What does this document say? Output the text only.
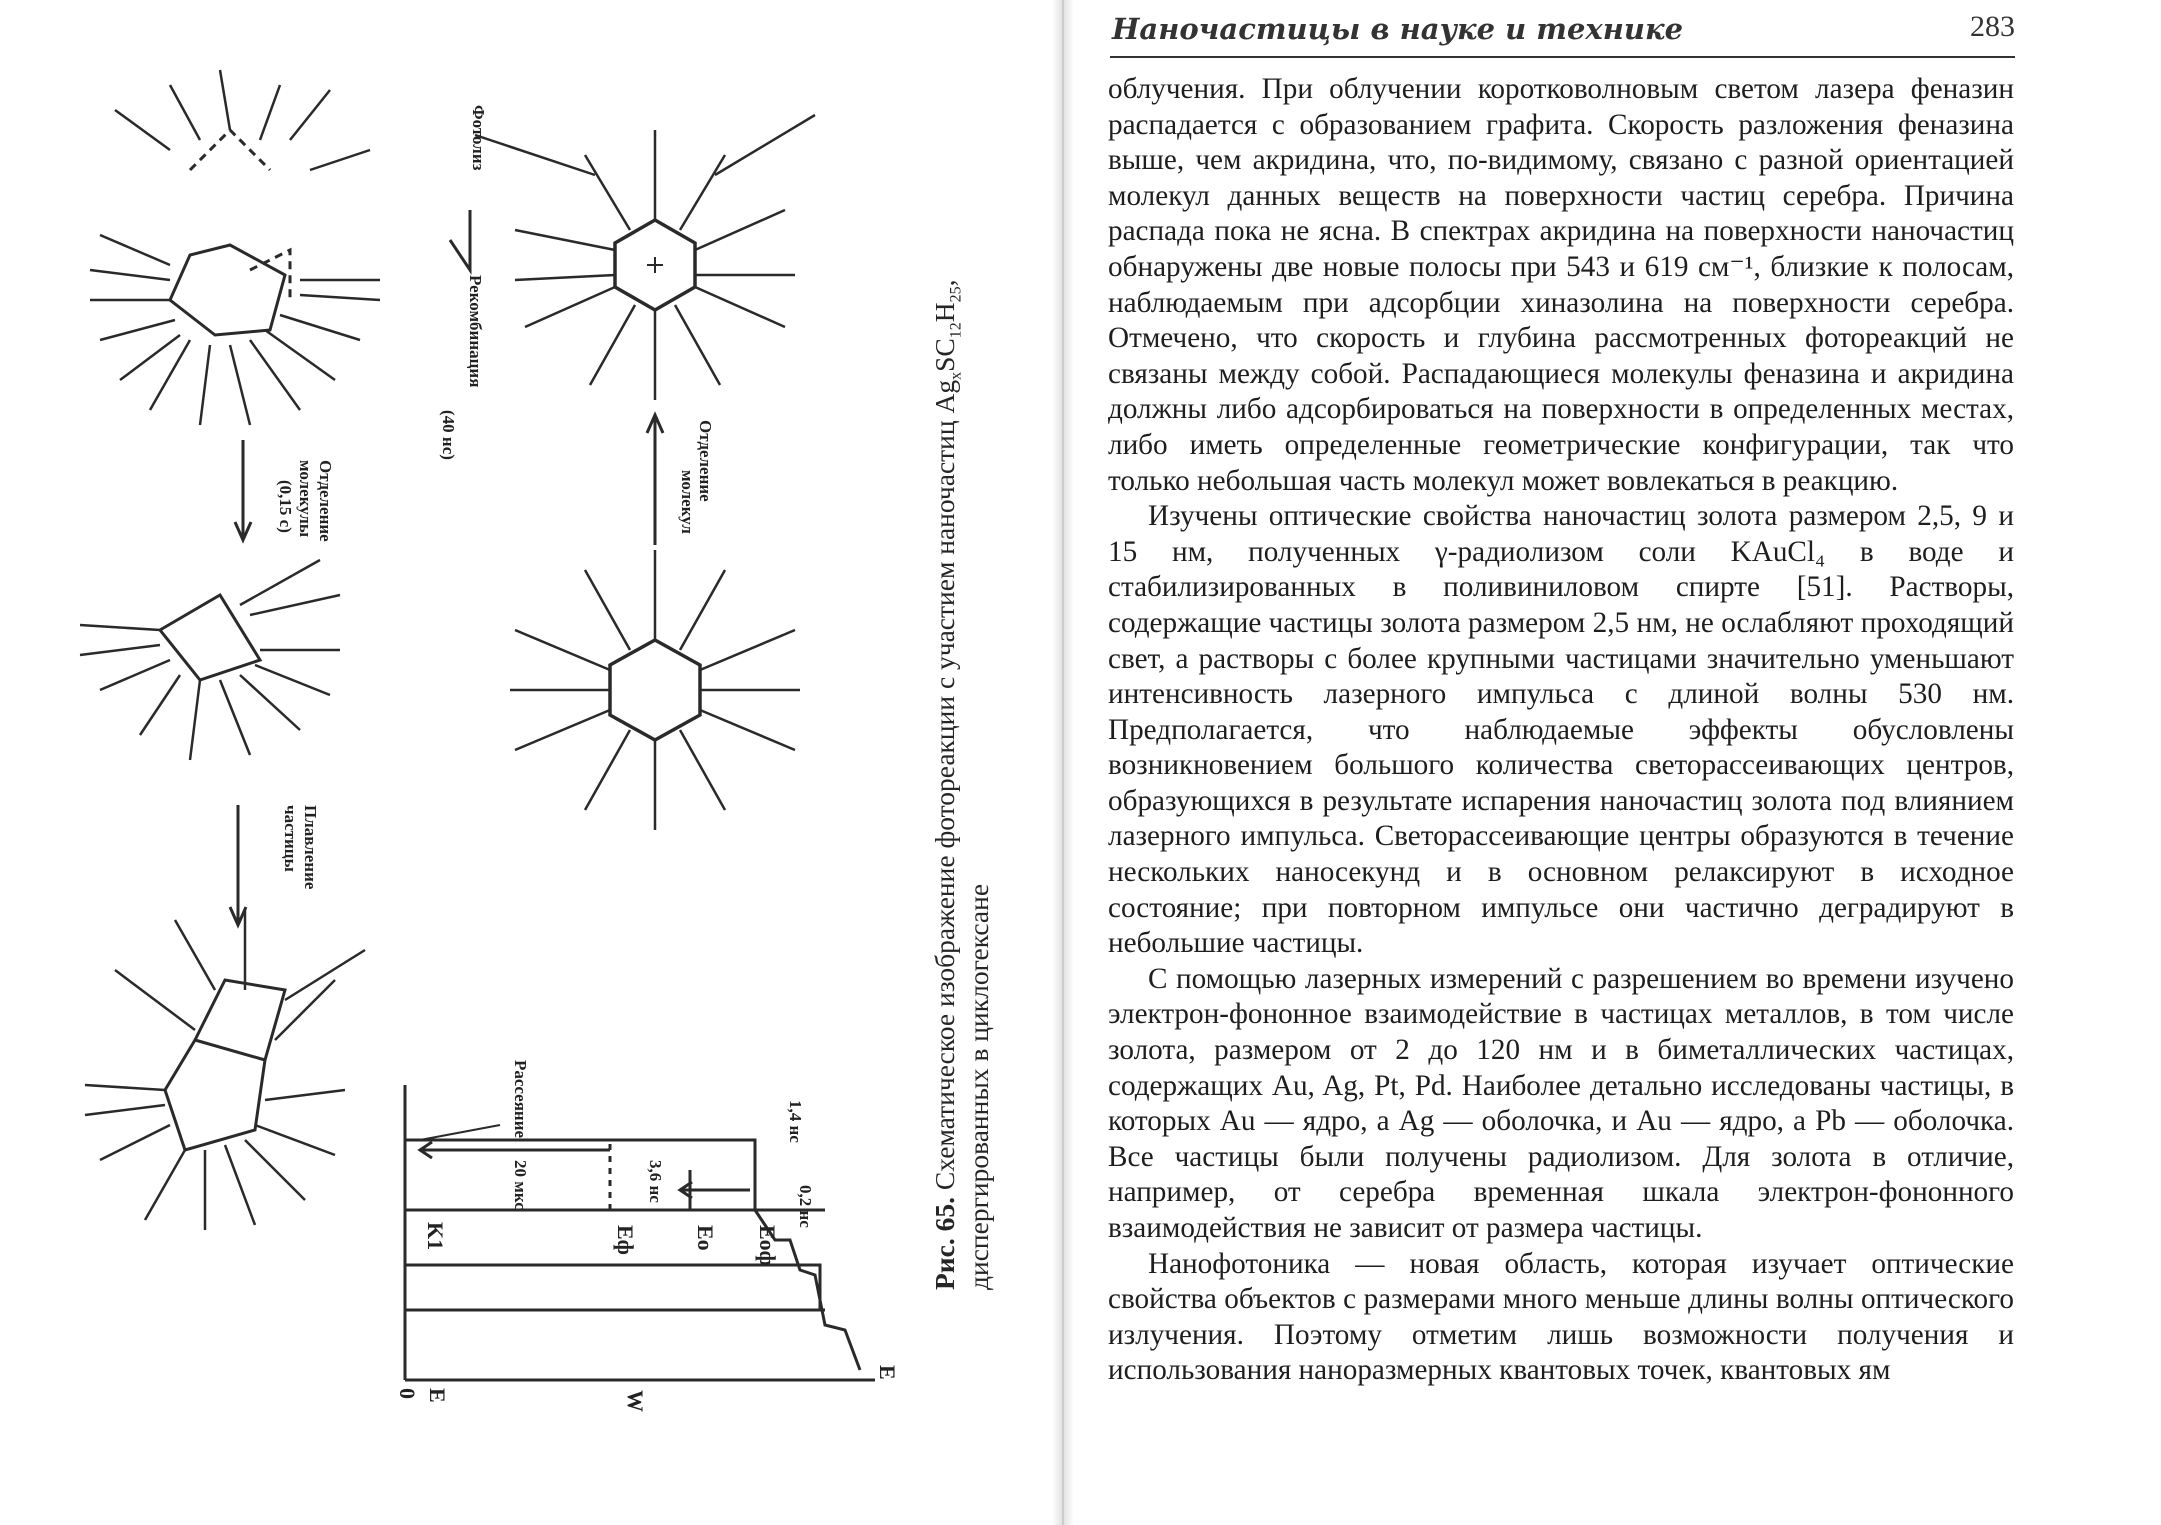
Рассеяние
Фотолиз
Рекомбинация
(40 нс)	Отделение
молекул
Отделение
молекулы
(0,15 с)
Плавление
частицы
20 мкс	3,6 нс
1,4 нс
0,2 нс
K1
E
0	W
Eф	Eо Eоф
E
Рис. 65. Схематическое изображение фотореакции с участием наночастиц $Ag_xSC_{12}H_{25}$, диспергированных в циклогексане
Наночастицы в науке и технике	283

облучения. При облучении коротковолновым светом лазера феназин распадается с образованием графита. Скорость разложения феназина выше, чем акридина, что, по-видимому, связано с разной ориентацией молекул данных веществ на поверхности частиц серебра. Причина распада пока не ясна. В спектрах акридина на поверхности наночастиц обнаружены две новые полосы при 543 и 619 см⁻¹, близкие к полосам, наблюдаемым при адсорбции хиназолина на поверхности серебра. Отмечено, что скорость и глубина рассмотренных фотореакций не связаны между собой. Распадающиеся молекулы феназина и акридина должны либо адсорбироваться на поверхности в определенных местах, либо иметь определенные геометрические конфигурации, так что только небольшая часть молекул может вовлекаться в реакцию.

Изучены оптические свойства наночастиц золота размером 2,5, 9 и 15 нм, полученных γ-радиолизом соли KAuCl₄ в воде и стабилизированных в поливиниловом спирте [51]. Растворы, содержащие частицы золота размером 2,5 нм, не ослабляют проходящий свет, а растворы с более крупными частицами значительно уменьшают интенсивность лазерного импульса с длиной волны 530 нм. Предполагается, что наблюдаемые эффекты обусловлены возникновением большого количества светорассеивающих центров, образующихся в результате испарения наночастиц золота под влиянием лазерного импульса. Светорассеивающие центры образуются в течение нескольких наносекунд и в основном релаксируют в исходное состояние; при повторном импульсе они частично деградируют в небольшие частицы.

С помощью лазерных измерений с разрешением во времени изучено электрон-фононное взаимодействие в частицах металлов, в том числе золота, размером от 2 до 120 нм и в биметаллических частицах, содержащих Au, Ag, Pt, Pd. Наиболее детально исследованы частицы, в которых Au — ядро, а Ag — оболочка, и Au — ядро, а Pb — оболочка. Все частицы были получены радиолизом. Для золота в отличие, например, от серебра временная шкала электрон-фононного взаимодействия не зависит от размера частицы.

Нанофотоника — новая область, которая изучает оптические свойства объектов с размерами много меньше длины волны оптического излучения. Поэтому отметим лишь возможности получения и использования наноразмерных квантовых точек, квантовых ям
